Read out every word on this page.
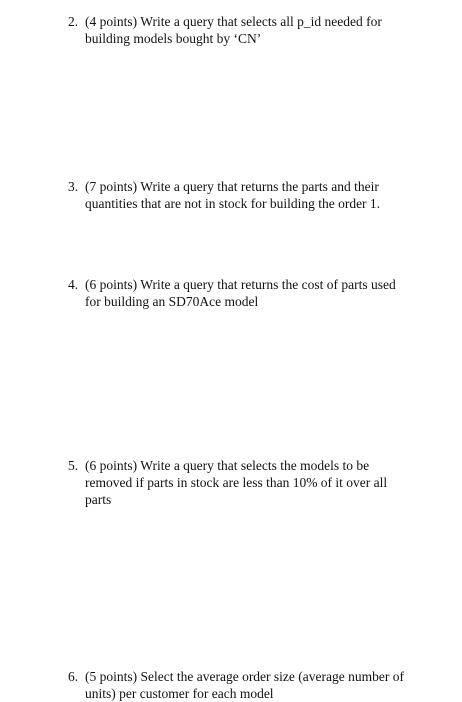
2. (4 points) Write a query that selects all p_id needed for
building models bought by ‘CN’
3. (7 points) Write a query that returns the parts and their
quantities that are not in stock for building the order 1.
4. (6 points) Write a query that returns the cost of parts used
for building an SD70Ace model
5. (6 points) Write a query that selects the models to be
removed if parts in stock are less than 10% of it over all
parts
6. (5 points) Select the average order size (average number of
units) per customer for each model
